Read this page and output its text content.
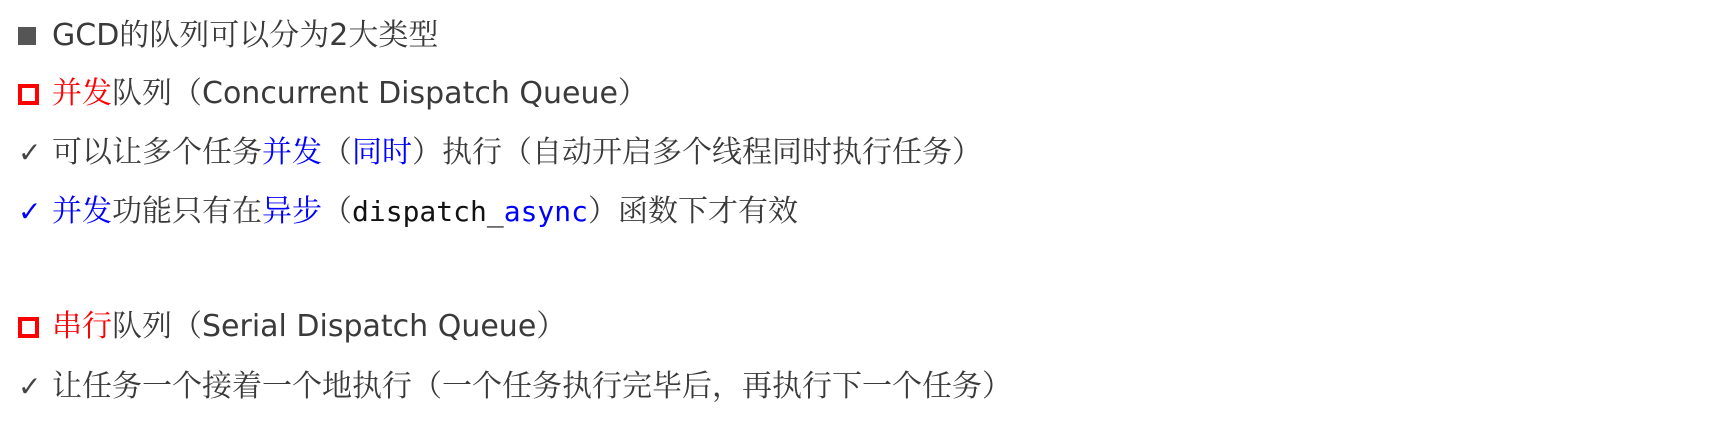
GCD的队列可以分为2大类型
并发 队列（Concurrent Dispatch Queue）
✓ 可以让多个任务 并发 （ 同时 ）执行（自动开启多个线程同时执行任务）
✓ 并发 功能只有在 异步 （ dispatch_ async ）函数下才有效
串行 队列（Serial Dispatch Queue）
✓ 让任务一个接着一个地执行（一个任务执行完毕后，再执行下一个任务）
